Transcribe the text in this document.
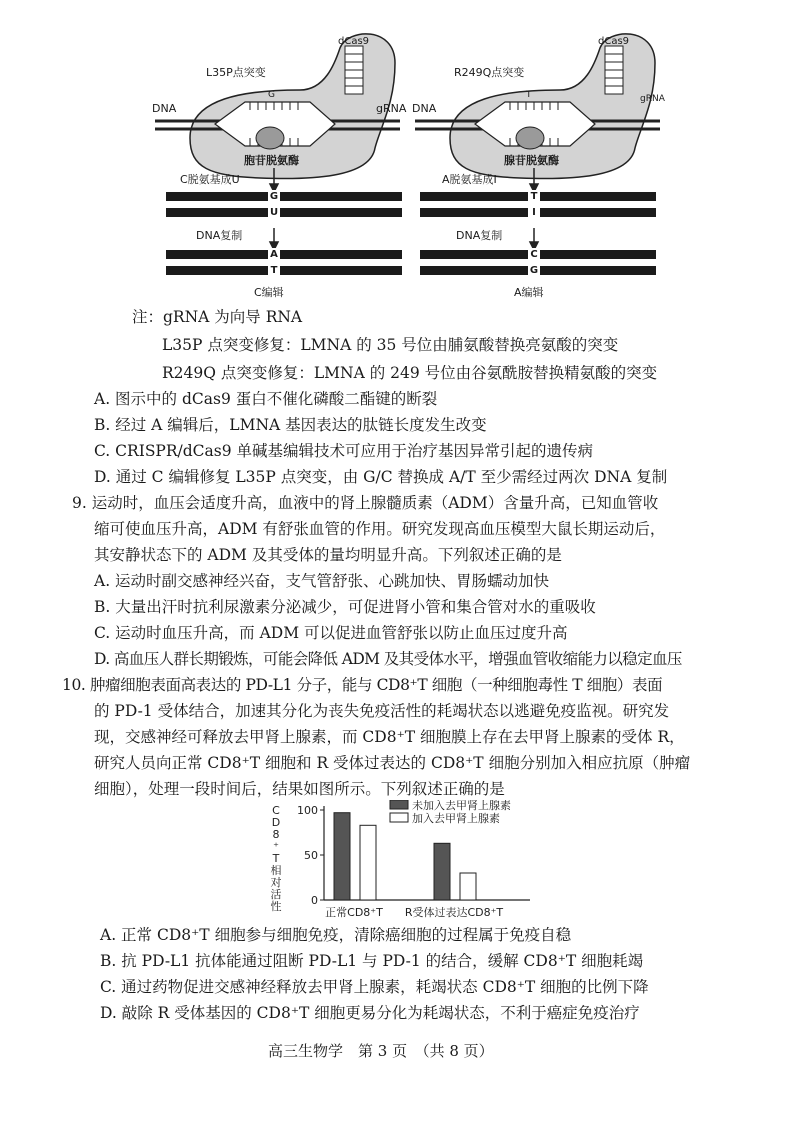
L35P点突变
dCas9
DNA	gRNA
G
胞苷脱氨酶
C脱氨基成U
DNA复制
C编辑
R249Q点突变
dCas9
DNA
gRNA
T
腺苷脱氨酶
A脱氨基成I
DNA复制
A编辑
G
U
A
T
T
I
C
G
注：gRNA 为向导 RNA
L35P 点突变修复：LMNA 的 35 号位由脯氨酸替换亮氨酸的突变
R249Q 点突变修复：LMNA 的 249 号位由谷氨酰胺替换精氨酸的突变
A. 图示中的 dCas9 蛋白不催化磷酸二酯键的断裂
B. 经过 A 编辑后，LMNA 基因表达的肽链长度发生改变
C. CRISPR/dCas9 单碱基编辑技术可应用于治疗基因异常引起的遗传病
D. 通过 C 编辑修复 L35P 点突变，由 G/C 替换成 A/T 至少需经过两次 DNA 复制
9. 运动时，血压会适度升高，血液中的肾上腺髓质素（ADM）含量升高，已知血管收
缩可使血压升高，ADM 有舒张血管的作用。研究发现高血压模型大鼠长期运动后，
其安静状态下的 ADM 及其受体的量均明显升高。下列叙述正确的是
A. 运动时副交感神经兴奋，支气管舒张、心跳加快、胃肠蠕动加快
B. 大量出汗时抗利尿激素分泌减少，可促进肾小管和集合管对水的重吸收
C. 运动时血压升高，而 ADM 可以促进血管舒张以防止血压过度升高
D. 高血压人群长期锻炼，可能会降低 ADM 及其受体水平，增强血管收缩能力以稳定血压
10. 肿瘤细胞表面高表达的 PD-L1 分子，能与 CD8⁺T 细胞（一种细胞毒性 T 细胞）表面
的 PD-1 受体结合，加速其分化为丧失免疫活性的耗竭状态以逃避免疫监视。研究发
现，交感神经可释放去甲肾上腺素，而 CD8⁺T 细胞膜上存在去甲肾上腺素的受体 R，
研究人员向正常 CD8⁺T 细胞和 R 受体过表达的 CD8⁺T 细胞分别加入相应抗原（肿瘤
细胞），处理一段时间后，结果如图所示。下列叙述正确的是
0
50
100
C
D
8
⁺
T
相
对
活
性	正常CD8⁺T R受体过表达CD8⁺T
未加入去甲肾上腺素
加入去甲肾上腺素
A. 正常 CD8⁺T 细胞参与细胞免疫，清除癌细胞的过程属于免疫自稳
B. 抗 PD-L1 抗体能通过阻断 PD-L1 与 PD-1 的结合，缓解 CD8⁺T 细胞耗竭
C. 通过药物促进交感神经释放去甲肾上腺素，耗竭状态 CD8⁺T 细胞的比例下降
D. 敲除 R 受体基因的 CD8⁺T 细胞更易分化为耗竭状态，不利于癌症免疫治疗
高三生物学　第 3 页　（共 8 页）
